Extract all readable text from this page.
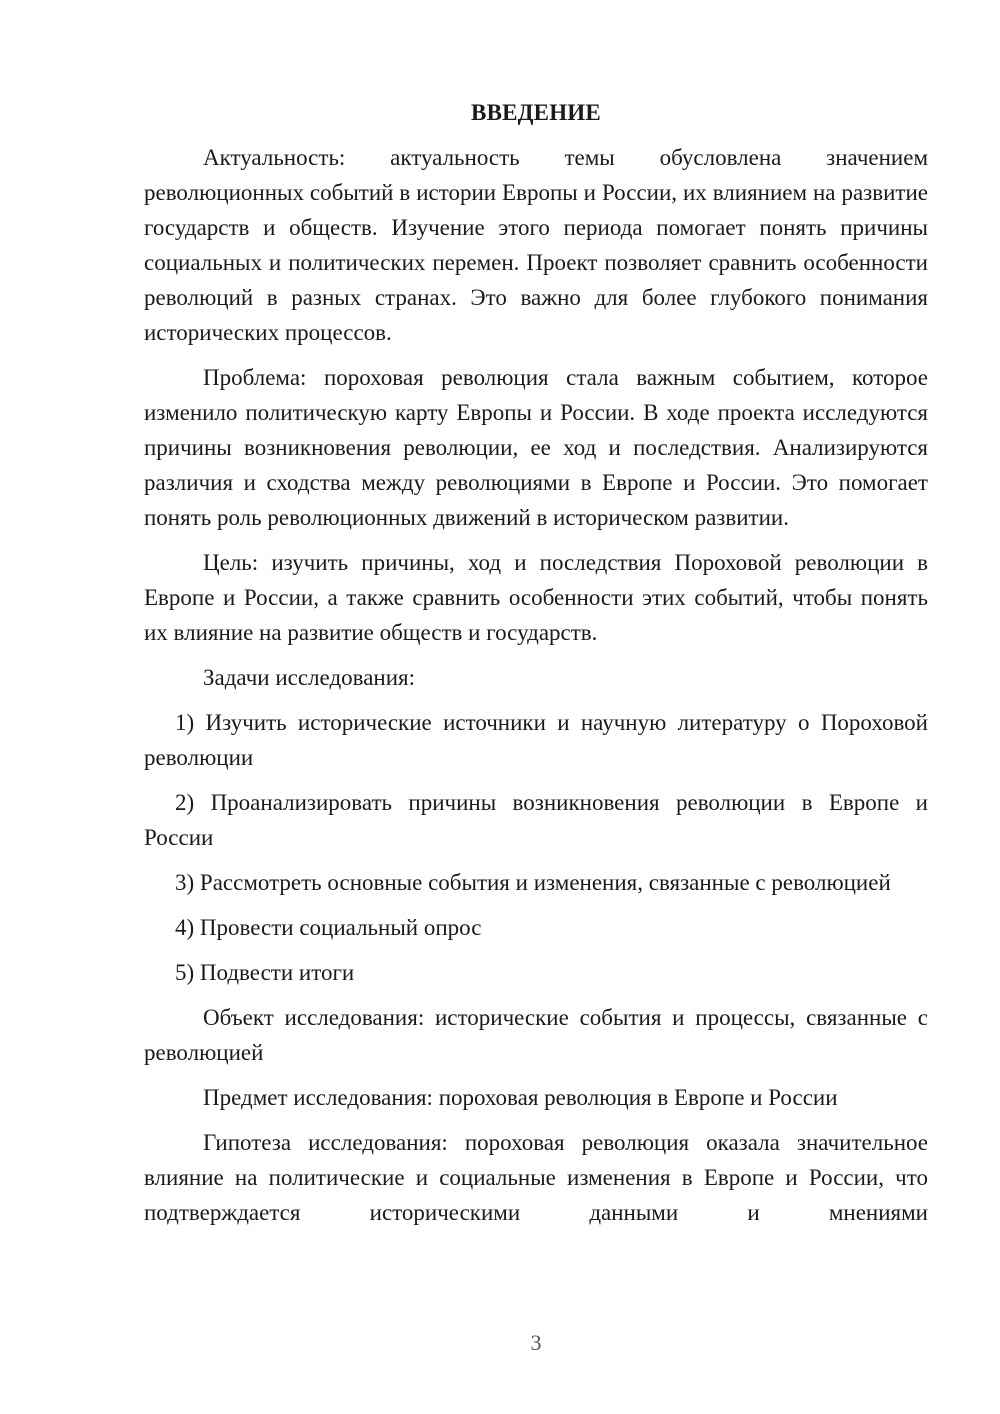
ВВЕДЕНИЕ

Актуальность: актуальность темы обусловлена значением революционных событий в истории Европы и России, их влиянием на развитие государств и обществ. Изучение этого периода помогает понять причины социальных и политических перемен. Проект позволяет сравнить особенности революций в разных странах. Это важно для более глубокого понимания исторических процессов.

Проблема: пороховая революция стала важным событием, которое изменило политическую карту Европы и России. В ходе проекта исследуются причины возникновения революции, ее ход и последствия. Анализируются различия и сходства между революциями в Европе и России. Это помогает понять роль революционных движений в историческом развитии.

Цель: изучить причины, ход и последствия Пороховой революции в Европе и России, а также сравнить особенности этих событий, чтобы понять их влияние на развитие обществ и государств.

Задачи исследования:

1) Изучить исторические источники и научную литературу о Пороховой революции

2) Проанализировать причины возникновения революции в Европе и России

3) Рассмотреть основные события и изменения, связанные с революцией

4) Провести социальный опрос

5) Подвести итоги

Объект исследования: исторические события и процессы, связанные с революцией

Предмет исследования: пороховая революция в Европе и России

Гипотеза исследования: пороховая революция оказала значительное влияние на политические и социальные изменения в Европе и России, что подтверждается историческими данными и мнениями

3
